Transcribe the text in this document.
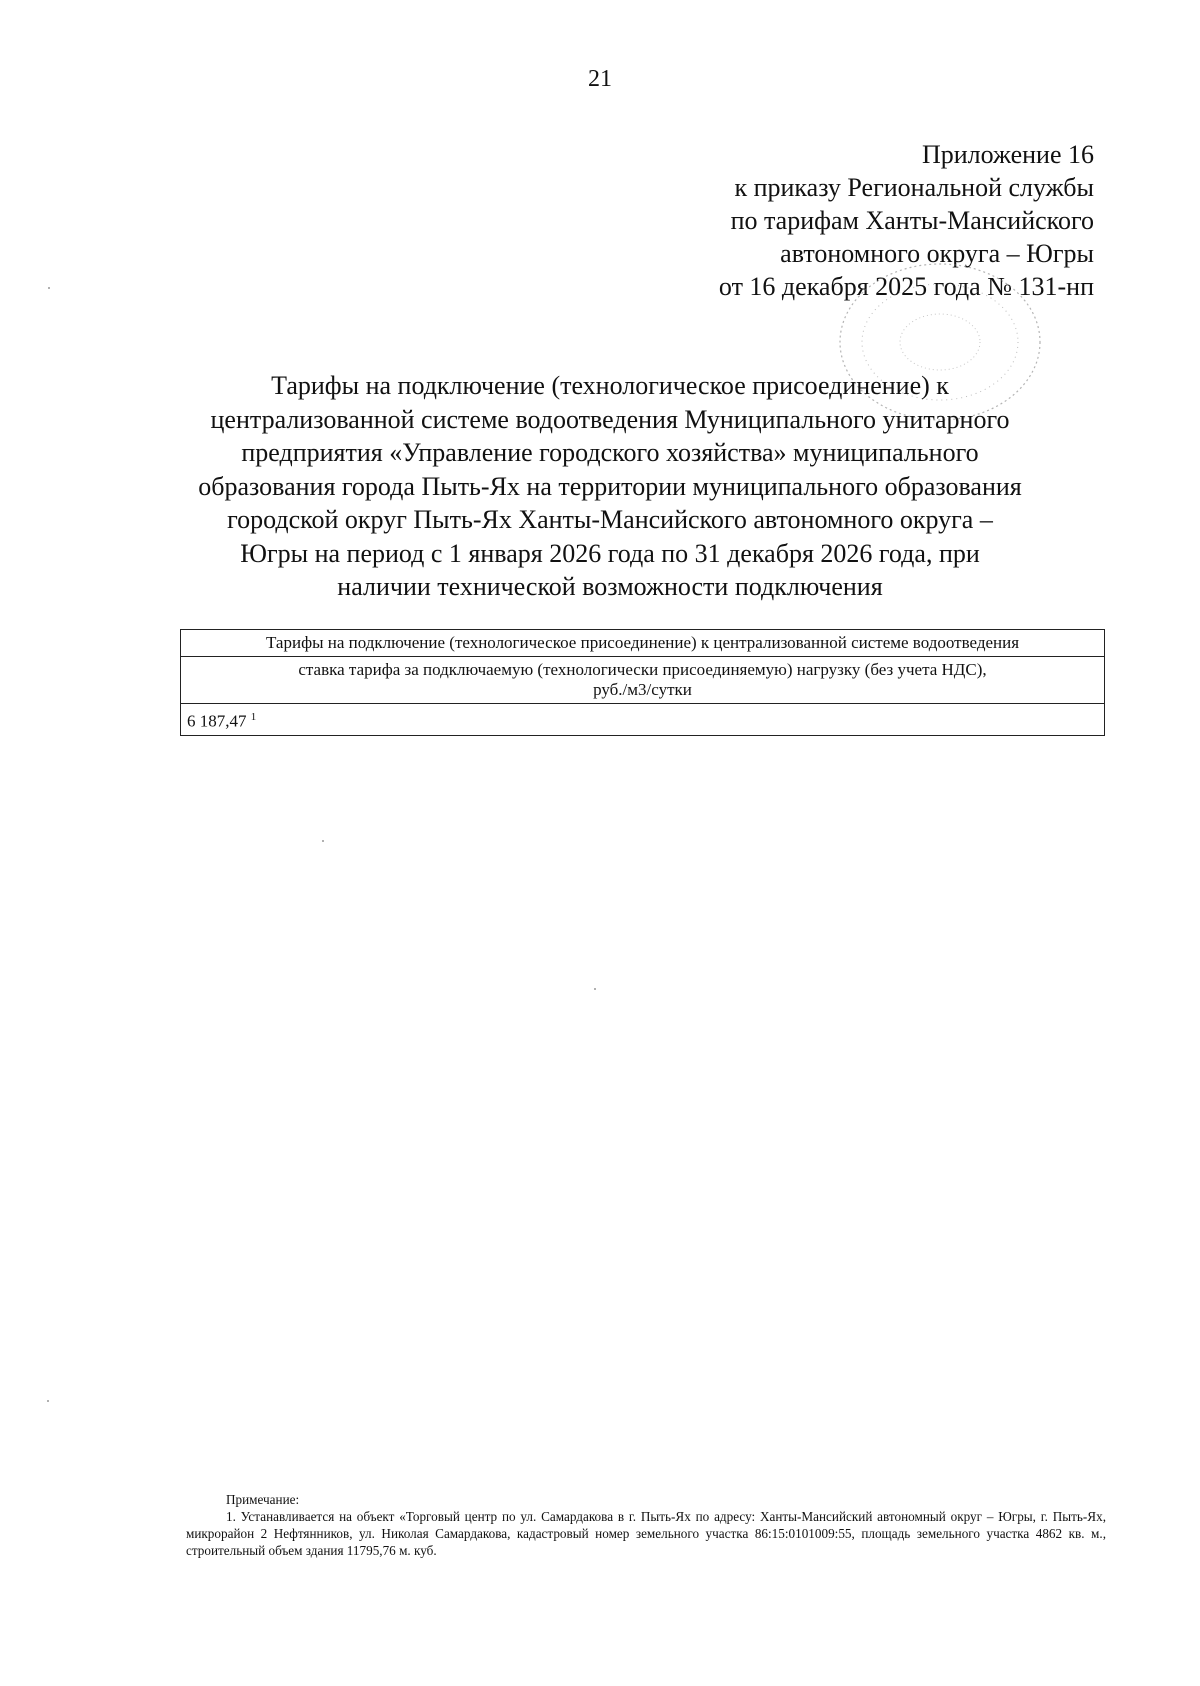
21
Приложение 16
к приказу Региональной службы
по тарифам Ханты-Мансийского
автономного округа – Югры
от 16 декабря 2025 года № 131-нп
Тарифы на подключение (технологическое присоединение) к
централизованной системе водоотведения Муниципального унитарного
предприятия «Управление городского хозяйства» муниципального
образования города Пыть-Ях на территории муниципального образования
городской округ Пыть-Ях Ханты-Мансийского автономного округа –
Югры на период с 1 января 2026 года по 31 декабря 2026 года, при
наличии технической возможности подключения
Тарифы на подключение (технологическое присоединение) к централизованной системе водоотведения
ставка тарифа за подключаемую (технологически присоединяемую) нагрузку (без учета НДС),
руб./м3/сутки
6 187,47 $^1$
Примечание:
1. Устанавливается на объект «Торговый центр по ул. Самардакова в г. Пыть-Ях по адресу: Ханты-Мансийский автономный округ – Югры, г. Пыть-Ях, микрорайон 2 Нефтянников, ул. Николая Самардакова, кадастровый номер земельного участка 86:15:0101009:55, площадь земельного участка 4862 кв. м., строительный объем здания 11795,76 м. куб.
